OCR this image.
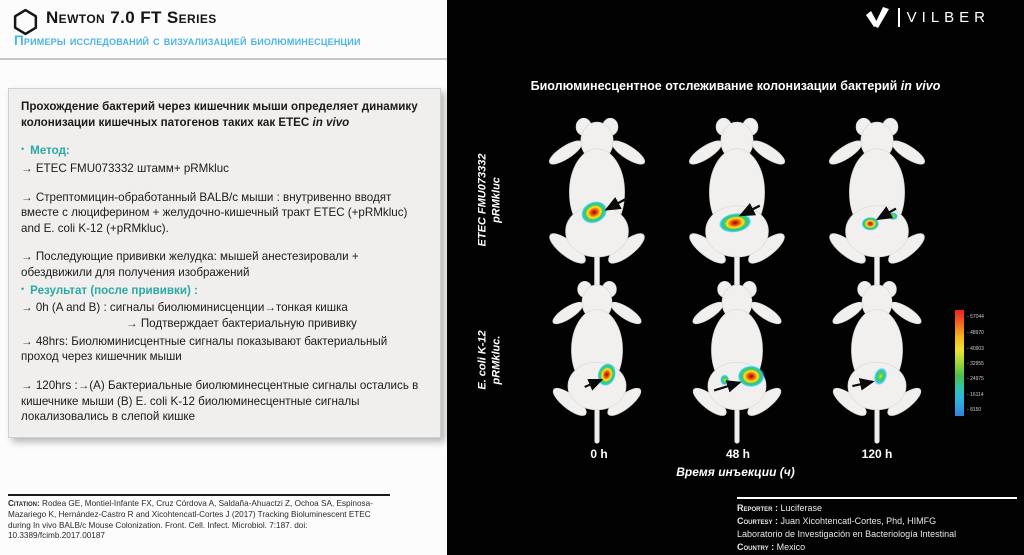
Newton 7.0 FT Series
Примеры исследований с визуализацией биолюминесценции

Прохождение бактерий через кишечник мыши определяет динамику колонизации кишечных патогенов таких как ETEC in vivo

• Метод:

→ ETEC FMU073332 штамм+ pRMkluc

→ Стрептомицин-обработанный BALB/c мыши : внутривенно вводят вместе с люциферином + желудочно-кишечный тракт ETEC (+pRMkluc) and E. coli K-12 (+pRMkluc).

→ Последующие прививки желудка: мышей анестезировали + обездвижили для получения изображений

• Результат (после прививки) :

→ 0h (A and B) : сигналы биолюминисценции→тонкая кишка

→ Подтверждает бактериальную прививку

→ 48hrs: Биолюминисцентные сигналы показывают бактериальный проход через кишечник мыши

→ 120hrs :→(A) Бактериальные биолюминесцентные сигналы остались в кишечнике мыши (B) E. coli K-12 биолюминесцентные сигналы локализовались в слепой кишке

Citation: Rodea GE, Montiel-Infante FX, Cruz Córdova A, Saldaña-Ahuactzi Z, Ochoa SA, Espinosa-Mazariego K, Hernández-Castro R and Xicohtencatl-Cortes J (2017) Tracking Bioluminescent ETEC during In vivo BALB/c Mouse Colonization. Front. Cell. Infect. Microbiol. 7:187. doi: 10.3389/fcimb.2017.00187
VILBER
Биолюминесцентное отслеживание колонизации бактерий in vivo
ETEC FMU073332 pRMkluc
E. coli K-12 pRMkluc.
- 57044
- 48970
- 40903
- 32955
- 24975
- 16114
- 8150
0 h	48 h	120 h
Время инъекции (ч)
Reporter : Luciferase
Courtesy : Juan Xicohtencatl-Cortes, Phd, HIMFG
Laboratorio de Investigación en Bacteriología Intestinal
Country : Mexico
